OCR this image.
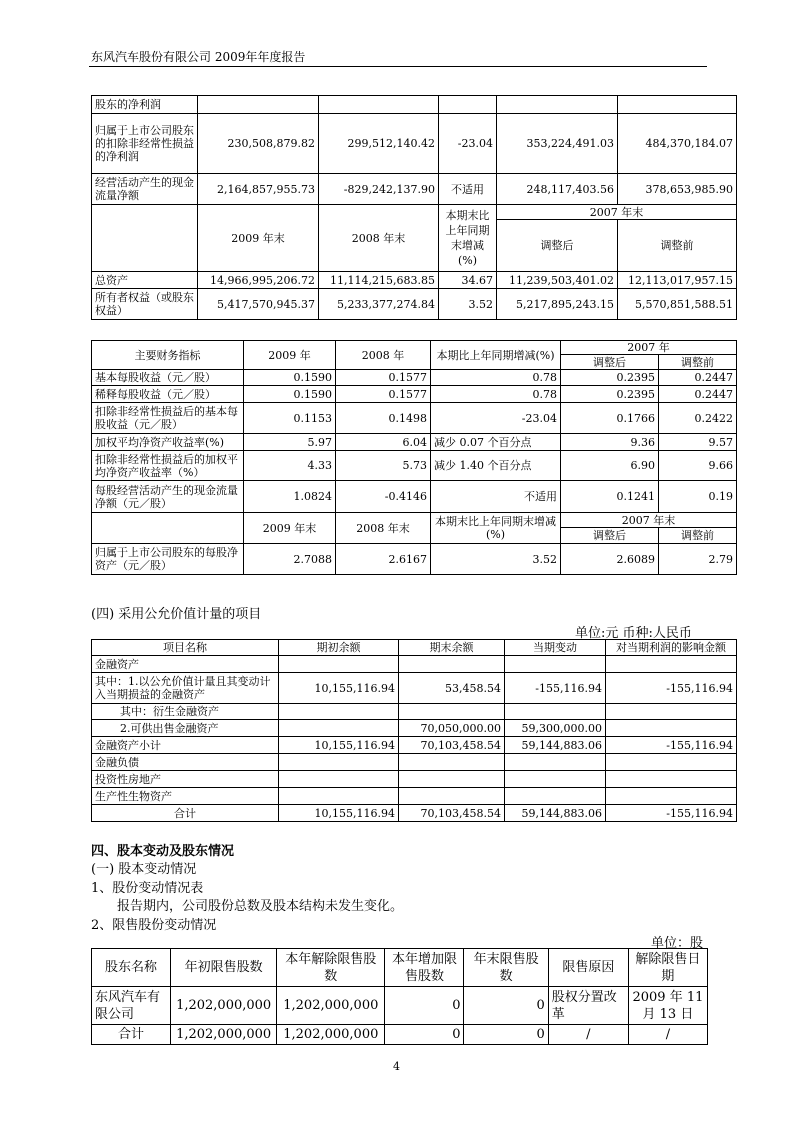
东风汽车股份有限公司 2009年年度报告
股东的净利润					
归属于上市公司股东的扣除非经常性损益的净利润	230,508,879.82	299,512,140.42	-23.04	353,224,491.03	484,370,184.07
经营活动产生的现金流量净额	2,164,857,955.73	-829,242,137.90	不适用	248,117,403.56	378,653,985.90
	2009 年末	2008 年末	本期末比上年同期末增减(%)	2007 年末	
				调整后	调整前
总资产	14,966,995,206.72	11,114,215,683.85	34.67	11,239,503,401.02	12,113,017,957.15
所有者权益（或股东权益）	5,417,570,945.37	5,233,377,274.84	3.52	5,217,895,243.15	5,570,851,588.51
主要财务指标	2009 年	2008 年	本期比上年同期增减(%)	2007 年	
				调整后	调整前
基本每股收益（元／股）	0.1590	0.1577	0.78	0.2395	0.2447
稀释每股收益（元／股）	0.1590	0.1577	0.78	0.2395	0.2447
扣除非经常性损益后的基本每股收益（元／股）	0.1153	0.1498	-23.04	0.1766	0.2422
加权平均净资产收益率(%)	5.97	6.04	减少 0.07 个百分点	9.36	9.57
扣除非经常性损益后的加权平均净资产收益率（%）	4.33	5.73	减少 1.40 个百分点	6.90	9.66
每股经营活动产生的现金流量净额（元／股）	1.0824	-0.4146	不适用	0.1241	0.19
	2009 年末	2008 年末	本期末比上年同期末增减(%)	2007 年末	
				调整后	调整前
归属于上市公司股东的每股净资产（元／股）	2.7088	2.6167	3.52	2.6089	2.79
(四) 采用公允价值计量的项目
单位:元 币种:人民币
项目名称	期初余额	期末余额	当期变动	对当期利润的影响金额
金融资产				
其中：1.以公允价值计量且其变动计入当期损益的金融资产	10,155,116.94	53,458.54	-155,116.94	-155,116.94
其中：衍生金融资产				
2.可供出售金融资产		70,050,000.00	59,300,000.00	
金融资产小计	10,155,116.94	70,103,458.54	59,144,883.06	-155,116.94
金融负债				
投资性房地产				
生产性生物资产				
合计	10,155,116.94	70,103,458.54	59,144,883.06	-155,116.94
四、股本变动及股东情况
(一) 股本变动情况
1、股份变动情况表
报告期内，公司股份总数及股本结构未发生变化。
2、限售股份变动情况
单位：股
股东名称	年初限售股数	本年解除限售股数	本年增加限售股数	年末限售股数	限售原因	解除限售日期
东风汽车有限公司	1,202,000,000	1,202,000,000	0	0	股权分置改革	2009 年 11 月 13 日
合计	1,202,000,000	1,202,000,000	0	0	/	/
4
